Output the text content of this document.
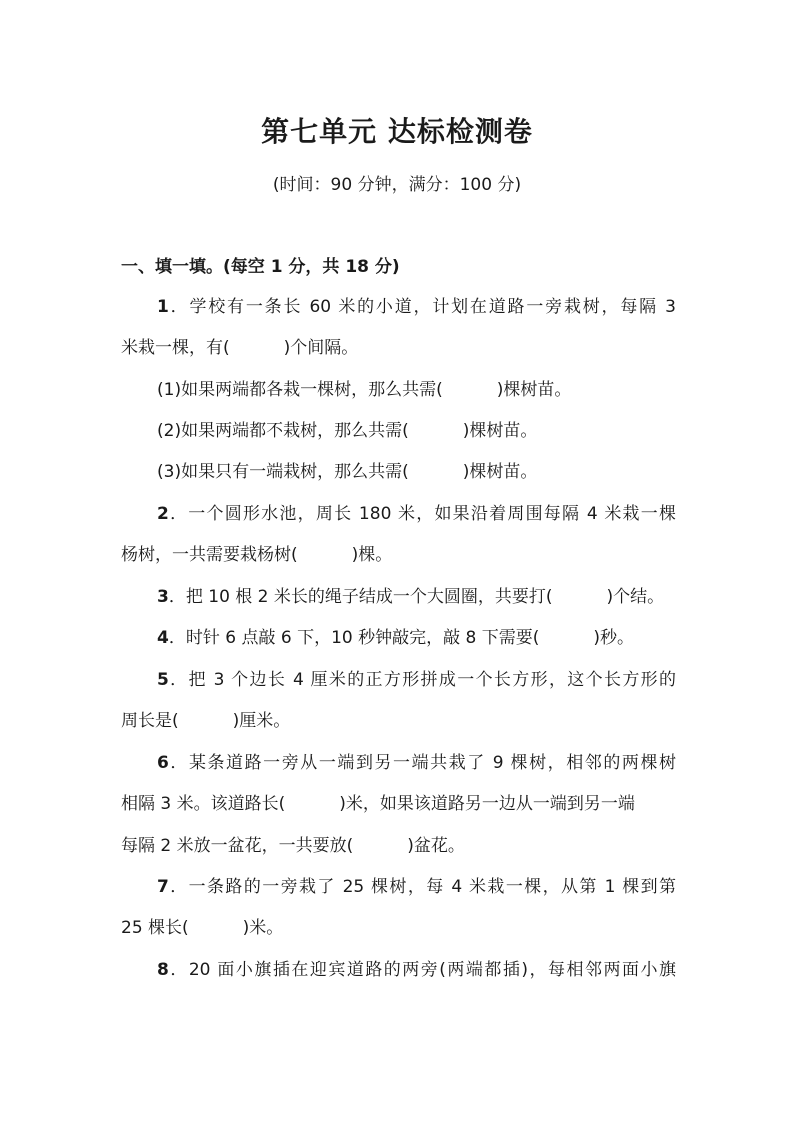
第七单元 达标检测卷
(时间：90 分钟，满分：100 分)
一、填一填。(每空 1 分，共 18 分)
1．学校有一条长 60 米的小道，计划在道路一旁栽树，每隔 3
米栽一棵，有(	)个间隔。
(1)如果两端都各栽一棵树，那么共需(	)棵树苗。
(2)如果两端都不栽树，那么共需(	)棵树苗。
(3)如果只有一端栽树，那么共需(	)棵树苗。
2．一个圆形水池，周长 180 米，如果沿着周围每隔 4 米栽一棵
杨树，一共需要栽杨树(	)棵。
3．把 10 根 2 米长的绳子结成一个大圆圈，共要打(	)个结。
4．时针 6 点敲 6 下，10 秒钟敲完，敲 8 下需要(	)秒。
5．把 3 个边长 4 厘米的正方形拼成一个长方形，这个长方形的
周长是(	)厘米。
6．某条道路一旁从一端到另一端共栽了 9 棵树，相邻的两棵树
相隔 3 米。该道路长(	)米，如果该道路另一边从一端到另一端
每隔 2 米放一盆花，一共要放(	)盆花。
7．一条路的一旁栽了 25 棵树，每 4 米栽一棵，从第 1 棵到第
25 棵长(	)米。
8．20 面小旗插在迎宾道路的两旁(两端都插)，每相邻两面小旗
